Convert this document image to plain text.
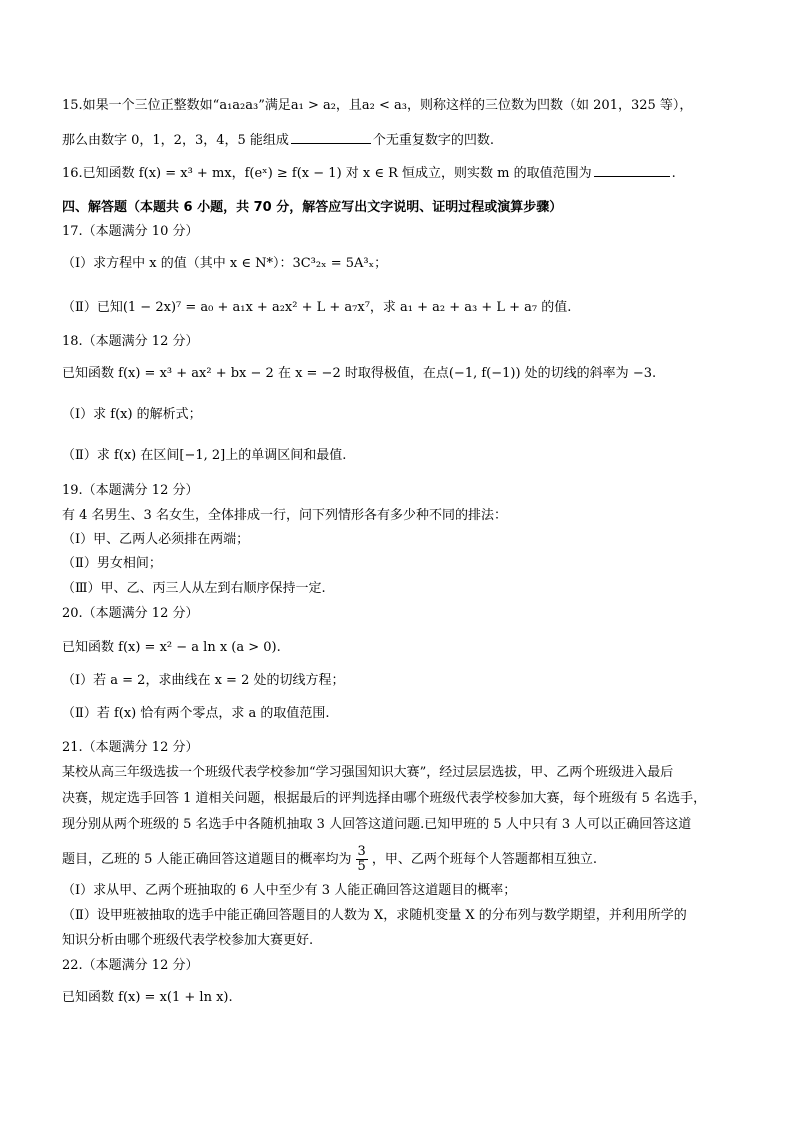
15.如果一个三位正整数如“a₁a₂a₃”满足a₁ > a₂，且a₂ < a₃，则称这样的三位数为凹数（如 201，325 等），
那么由数字 0，1，2，3，4，5 能组成	个无重复数字的凹数.
16.已知函数 f(x) = x³ + mx，f(eˣ) ≥ f(x − 1) 对 x ∈ R 恒成立，则实数 m 的取值范围为	.
四、解答题（本题共 6 小题，共 70 分，解答应写出文字说明、证明过程或演算步骤）
17.（本题满分 10 分）
（Ⅰ）求方程中 x 的值（其中 x ∈ N*）：3C³₂ₓ = 5A³ₓ；
（Ⅱ）已知(1 − 2x)⁷ = a₀ + a₁x + a₂x² + L + a₇x⁷，求 a₁ + a₂ + a₃ + L + a₇ 的值.
18.（本题满分 12 分）
已知函数 f(x) = x³ + ax² + bx − 2 在 x = −2 时取得极值，在点(−1, f(−1)) 处的切线的斜率为 −3.
（Ⅰ）求 f(x) 的解析式；
（Ⅱ）求 f(x) 在区间[−1, 2]上的单调区间和最值.
19.（本题满分 12 分）
有 4 名男生、3 名女生，全体排成一行，问下列情形各有多少种不同的排法：
（Ⅰ）甲、乙两人必须排在两端；
（Ⅱ）男女相间；
（Ⅲ）甲、乙、丙三人从左到右顺序保持一定.
20.（本题满分 12 分）
已知函数 f(x) = x² − a ln x (a > 0).
（Ⅰ）若 a = 2，求曲线在 x = 2 处的切线方程；
（Ⅱ）若 f(x) 恰有两个零点，求 a 的取值范围.
21.（本题满分 12 分）
某校从高三年级选拔一个班级代表学校参加“学习强国知识大赛”，经过层层选拔，甲、乙两个班级进入最后
决赛，规定选手回答 1 道相关问题，根据最后的评判选择由哪个班级代表学校参加大赛，每个班级有 5 名选手，
现分别从两个班级的 5 名选手中各随机抽取 3 人回答这道问题.已知甲班的 5 人中只有 3 人可以正确回答这道
题目，乙班的 5 人能正确回答这道题目的概率均为 $\frac{3}{5}$ ，甲、乙两个班每个人答题都相互独立.
（Ⅰ）求从甲、乙两个班抽取的 6 人中至少有 3 人能正确回答这道题目的概率；
（Ⅱ）设甲班被抽取的选手中能正确回答题目的人数为 X，求随机变量 X 的分布列与数学期望，并利用所学的
知识分析由哪个班级代表学校参加大赛更好.
22.（本题满分 12 分）
已知函数 f(x) = x(1 + ln x).
